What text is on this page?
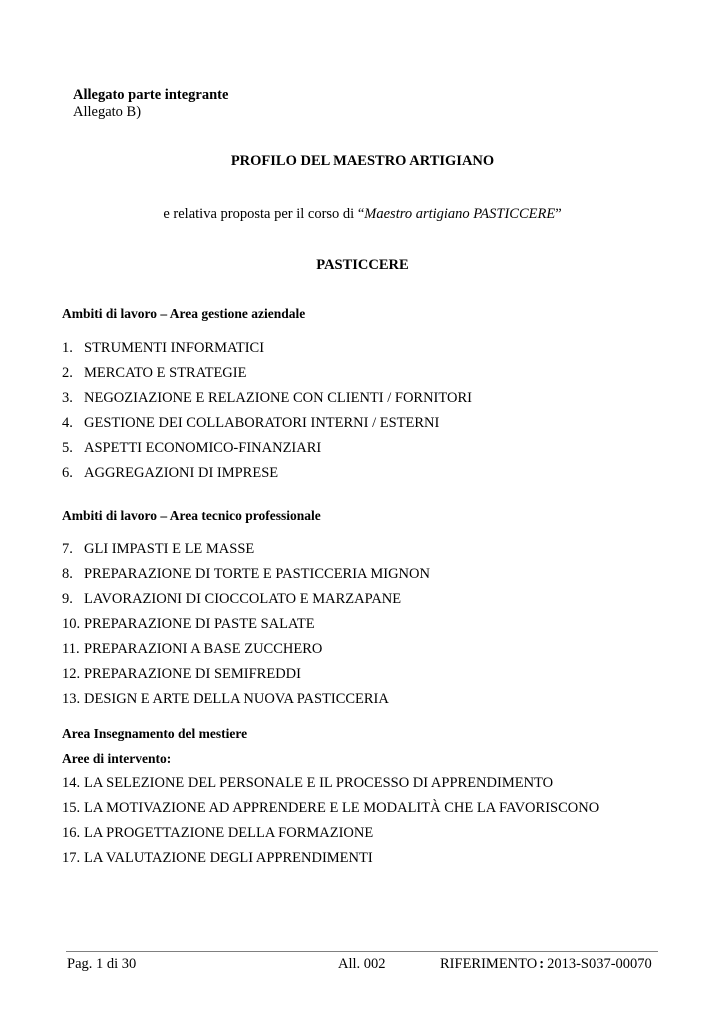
Allegato parte integrante
Allegato B)
PROFILO DEL MAESTRO ARTIGIANO
e relativa proposta per il corso di “Maestro artigiano PASTICCERE”
PASTICCERE
Ambiti di lavoro – Area gestione aziendale
1. STRUMENTI INFORMATICI
2. MERCATO E STRATEGIE
3. NEGOZIAZIONE E RELAZIONE CON CLIENTI / FORNITORI
4. GESTIONE DEI COLLABORATORI INTERNI / ESTERNI
5. ASPETTI ECONOMICO-FINANZIARI
6. AGGREGAZIONI DI IMPRESE
Ambiti di lavoro – Area tecnico professionale
7. GLI IMPASTI E LE MASSE
8. PREPARAZIONE DI TORTE E PASTICCERIA MIGNON
9. LAVORAZIONI DI CIOCCOLATO E MARZAPANE
10. PREPARAZIONE DI PASTE SALATE
11. PREPARAZIONI A BASE ZUCCHERO
12. PREPARAZIONE DI SEMIFREDDI
13. DESIGN E ARTE DELLA NUOVA PASTICCERIA
Area Insegnamento del mestiere
Aree di intervento:
14. LA SELEZIONE DEL PERSONALE E IL PROCESSO DI APPRENDIMENTO
15. LA MOTIVAZIONE AD APPRENDERE E LE MODALITÀ CHE LA FAVORISCONO
16. LA PROGETTAZIONE DELLA FORMAZIONE
17. LA VALUTAZIONE DEGLI APPRENDIMENTI
Pag. 1 di 30	All. 002	RIFERIMENTO : 2013-S037-00070
